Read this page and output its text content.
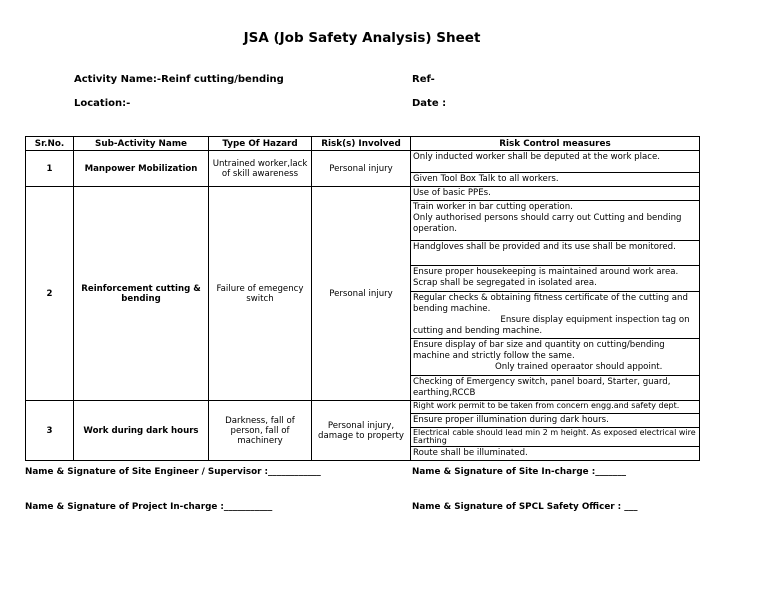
JSA (Job Safety Analysis) Sheet
Activity Name:-Reinf cutting/bending	Ref-
Location:-	Date :
Sr.No.	Sub-Activity Name	Type Of Hazard	Risk(s) Involved	Risk Control measures
1	Manpower Mobilization	Untrained worker,lack of skill awareness	Personal injury	Only inducted worker shall be deputed at the work place.
				Given Tool Box Talk to all workers.
2	Reinforcement cutting & bending	Failure of emegency switch	Personal injury	Use of basic PPEs.
				Train worker in bar cutting operation.
Only authorised persons should carry out Cutting and bending operation.
				Handgloves shall be provided and its use shall be monitored.
				Ensure proper housekeeping is maintained around work area.
Scrap shall be segregated in isolated area.
				Regular checks & obtaining fitness certificate of the cutting and bending machine.
Ensure display equipment inspection tag on cutting and bending machine.
				Ensure display of bar size and quantity on cutting/bending machine and strictly follow the same.
Only trained operaator should appoint.
				Checking of Emergency switch, panel board, Starter, guard, earthing,RCCB
3	Work during dark hours	Darkness, fall of person, fall of machinery	Personal injury, damage to property	Right work permit to be taken from concern engg.and safety dept.
				Ensure proper illumination during dark hours.
				Electrical cable should lead min 2 m height. As exposed electrical wire Earthing
				Route shall be illuminated.
Name & Signature of Site Engineer / Supervisor :____________	Name & Signature of Site In-charge :_______
Name & Signature of Project In-charge :___________	Name & Signature of SPCL Safety Officer : ___
